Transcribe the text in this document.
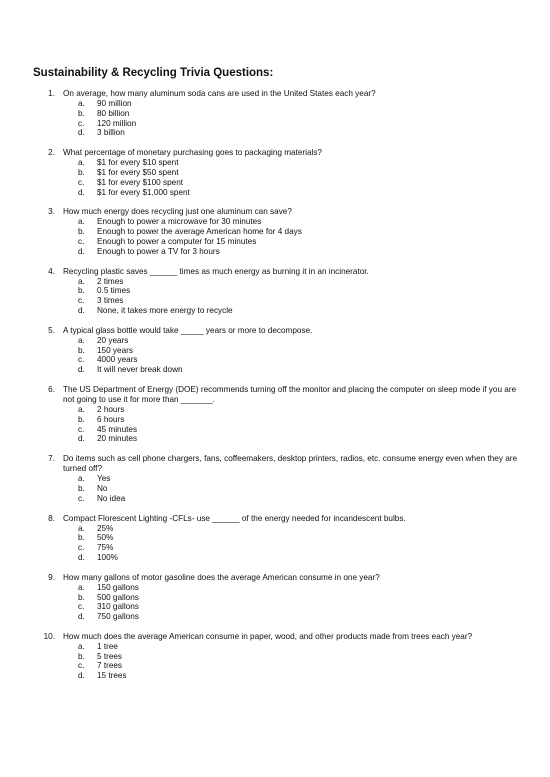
Sustainability & Recycling Trivia Questions:
1. On average, how many aluminum soda cans are used in the United States each year?
a.	90 million
b.	80 billion
c.	120 million
d.	3 billion
2. What percentage of monetary purchasing goes to packaging materials?
a.	$1 for every $10 spent
b.	$1 for every $50 spent
c.	$1 for every $100 spent
d.	$1 for every $1,000 spent
3. How much energy does recycling just one aluminum can save?
a.	Enough to power a microwave for 30 minutes
b.	Enough to power the average American home for 4 days
c.	Enough to power a computer for 15 minutes
d.	Enough to power a TV for 3 hours
4. Recycling plastic saves ______ times as much energy as burning it in an incinerator.
a.	2 times
b.	0.5 times
c.	3 times
d.	None, it takes more energy to recycle
5. A typical glass bottle would take _____ years or more to decompose.
a.	20 years
b.	150 years
c.	4000 years
d.	It will never break down
6. The US Department of Energy (DOE) recommends turning off the monitor and placing the computer on sleep mode if you are not going to use it for more than _______.
a.	2 hours
b.	6 hours
c.	45 minutes
d.	20 minutes
7. Do items such as cell phone chargers, fans, coffeemakers, desktop printers, radios, etc. consume energy even when they are turned off?
a.	Yes
b.	No
c.	No idea
8. Compact Florescent Lighting -CFLs- use ______ of the energy needed for incandescent bulbs.
a.	25%
b.	50%
c.	75%
d.	100%
9. How many gallons of motor gasoline does the average American consume in one year?
a.	150 gallons
b.	500 gallons
c.	310 gallons
d.	750 gallons
10. How much does the average American consume in paper, wood, and other products made from trees each year?
a.	1 tree
b.	5 trees
c.	7 trees
d.	15 trees
